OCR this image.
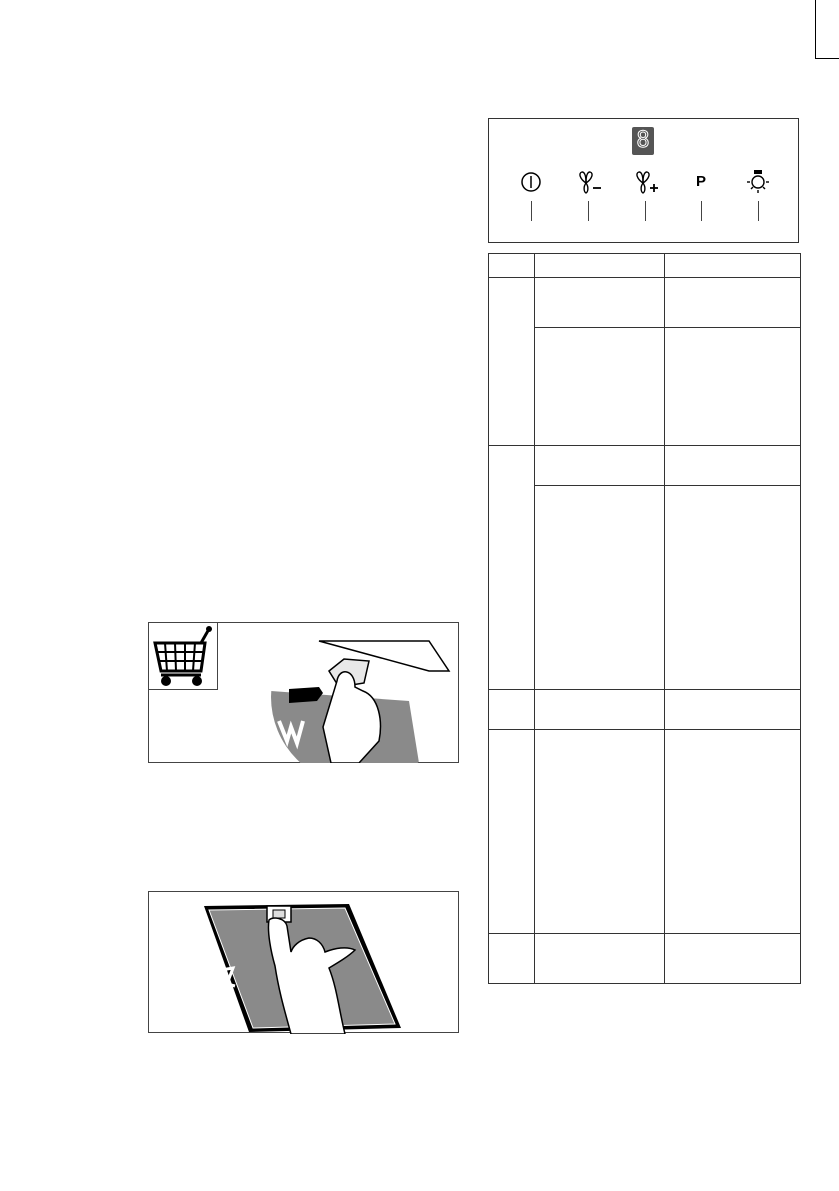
8
P
